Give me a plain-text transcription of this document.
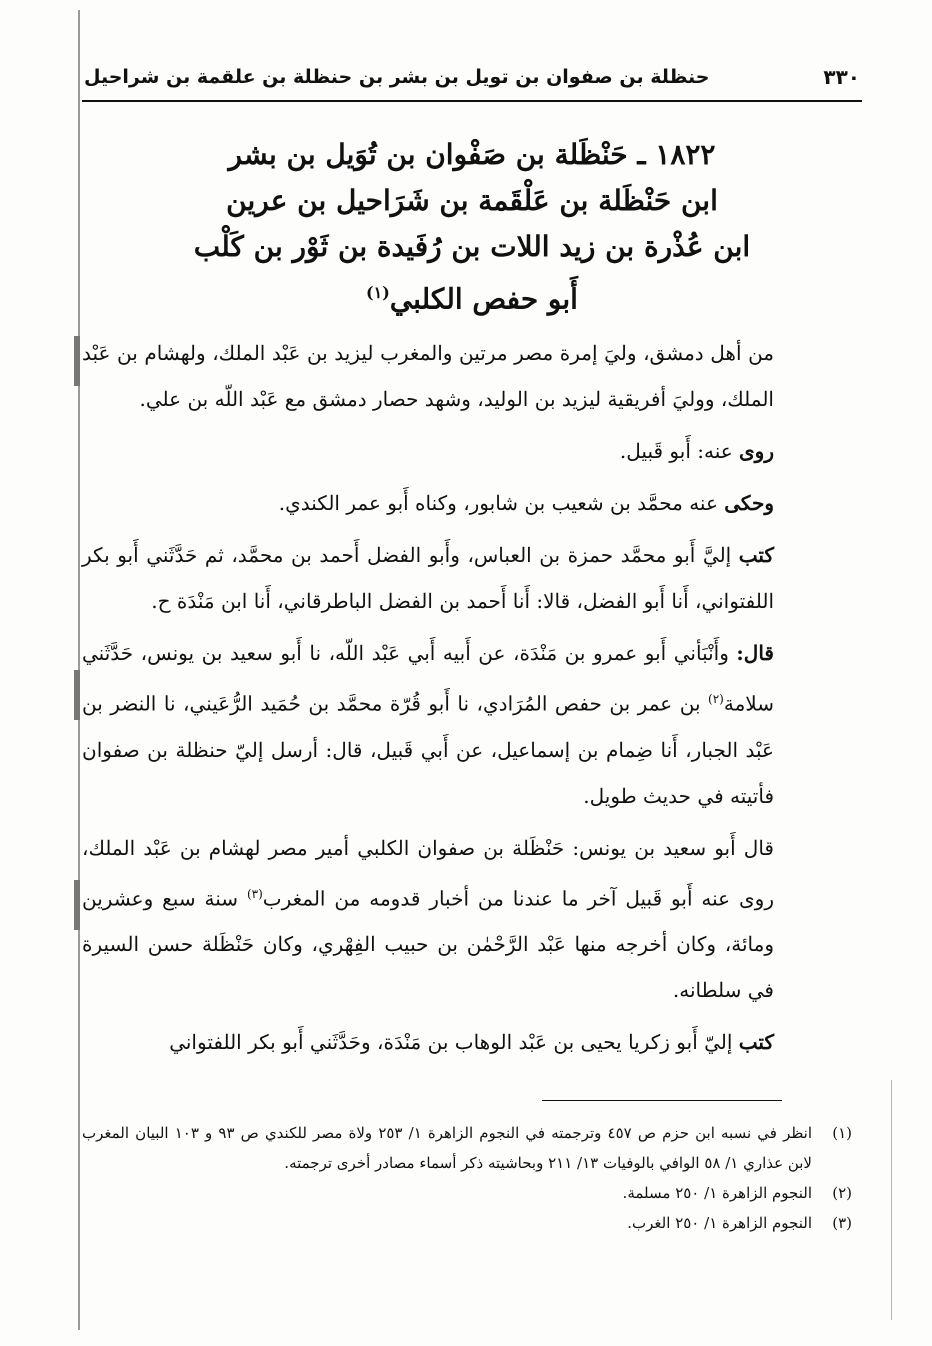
٣٣٠
حنظلة بن صفوان بن تويل بن بشر بن حنظلة بن علقمة بن شراحيل
١٨٢٢ ـ حَنْظَلة بن صَفْوان بن تُوَيل بن بشر
ابن حَنْظَلة بن عَلْقَمة بن شَرَاحيل بن عرين
ابن عُذْرة بن زيد اللات بن رُفَيدة بن ثَوْر بن كَلْب
أَبو حفص الكلبي$^{(١)}$

من أهل دمشق، وليَ إمرة مصر مرتين والمغرب ليزيد بن عَبْد الملك، ولهشام بن عَبْد الملك، ووليَ أفريقية ليزيد بن الوليد، وشهد حصار دمشق مع عَبْد اللّه بن علي.

روى عنه: أَبو قَبيل.

وحكى عنه محمَّد بن شعيب بن شابور، وكناه أَبو عمر الكندي.

كتب إليَّ أَبو محمَّد حمزة بن العباس، وأَبو الفضل أَحمد بن محمَّد، ثم حَدَّثَني أَبو بكر اللفتواني، أَنا أَبو الفضل، قالا: أَنا أَحمد بن الفضل الباطرقاني، أَنا ابن مَنْدَة ح.

قال: وأَنْبَأني أَبو عمرو بن مَنْدَة، عن أَبيه أَبي عَبْد اللّه، نا أَبو سعيد بن يونس، حَدَّثَني سلامة$^{(٢)}$ بن عمر بن حفص المُرَادي، نا أَبو قُرّة محمَّد بن حُمَيد الرُّعَيني، نا النضر بن عَبْد الجبار، أَنا ضِمام بن إسماعيل، عن أَبي قَبيل، قال: أرسل إليّ حنظلة بن صفوان فأتيته في حديث طويل.

قال أَبو سعيد بن يونس: حَنْظَلة بن صفوان الكلبي أمير مصر لهشام بن عَبْد الملك، روى عنه أَبو قَبيل آخر ما عندنا من أخبار قدومه من المغرب$^{(٣)}$ سنة سبع وعشرين ومائة، وكان أخرجه منها عَبْد الرَّحْمٰن بن حبيب الفِهْري، وكان حَنْظَلة حسن السيرة في سلطانه.

كتب إليّ أَبو زكريا يحيى بن عَبْد الوهاب بن مَنْدَة، وحَدَّثَني أَبو بكر اللفتواني

(١)
انظر في نسبه ابن حزم ص ٤٥٧ وترجمته في النجوم الزاهرة ١/ ٢٥٣ ولاة مصر للكندي ص ٩٣ و ١٠٣ البيان المغرب لابن عذاري ١/ ٥٨ الوافي بالوفيات ١٣/ ٢١١ وبحاشيته ذكر أسماء مصادر أخرى ترجمته.
(٢)
النجوم الزاهرة ١/ ٢٥٠ مسلمة.
(٣)
النجوم الزاهرة ١/ ٢٥٠ الغرب.
